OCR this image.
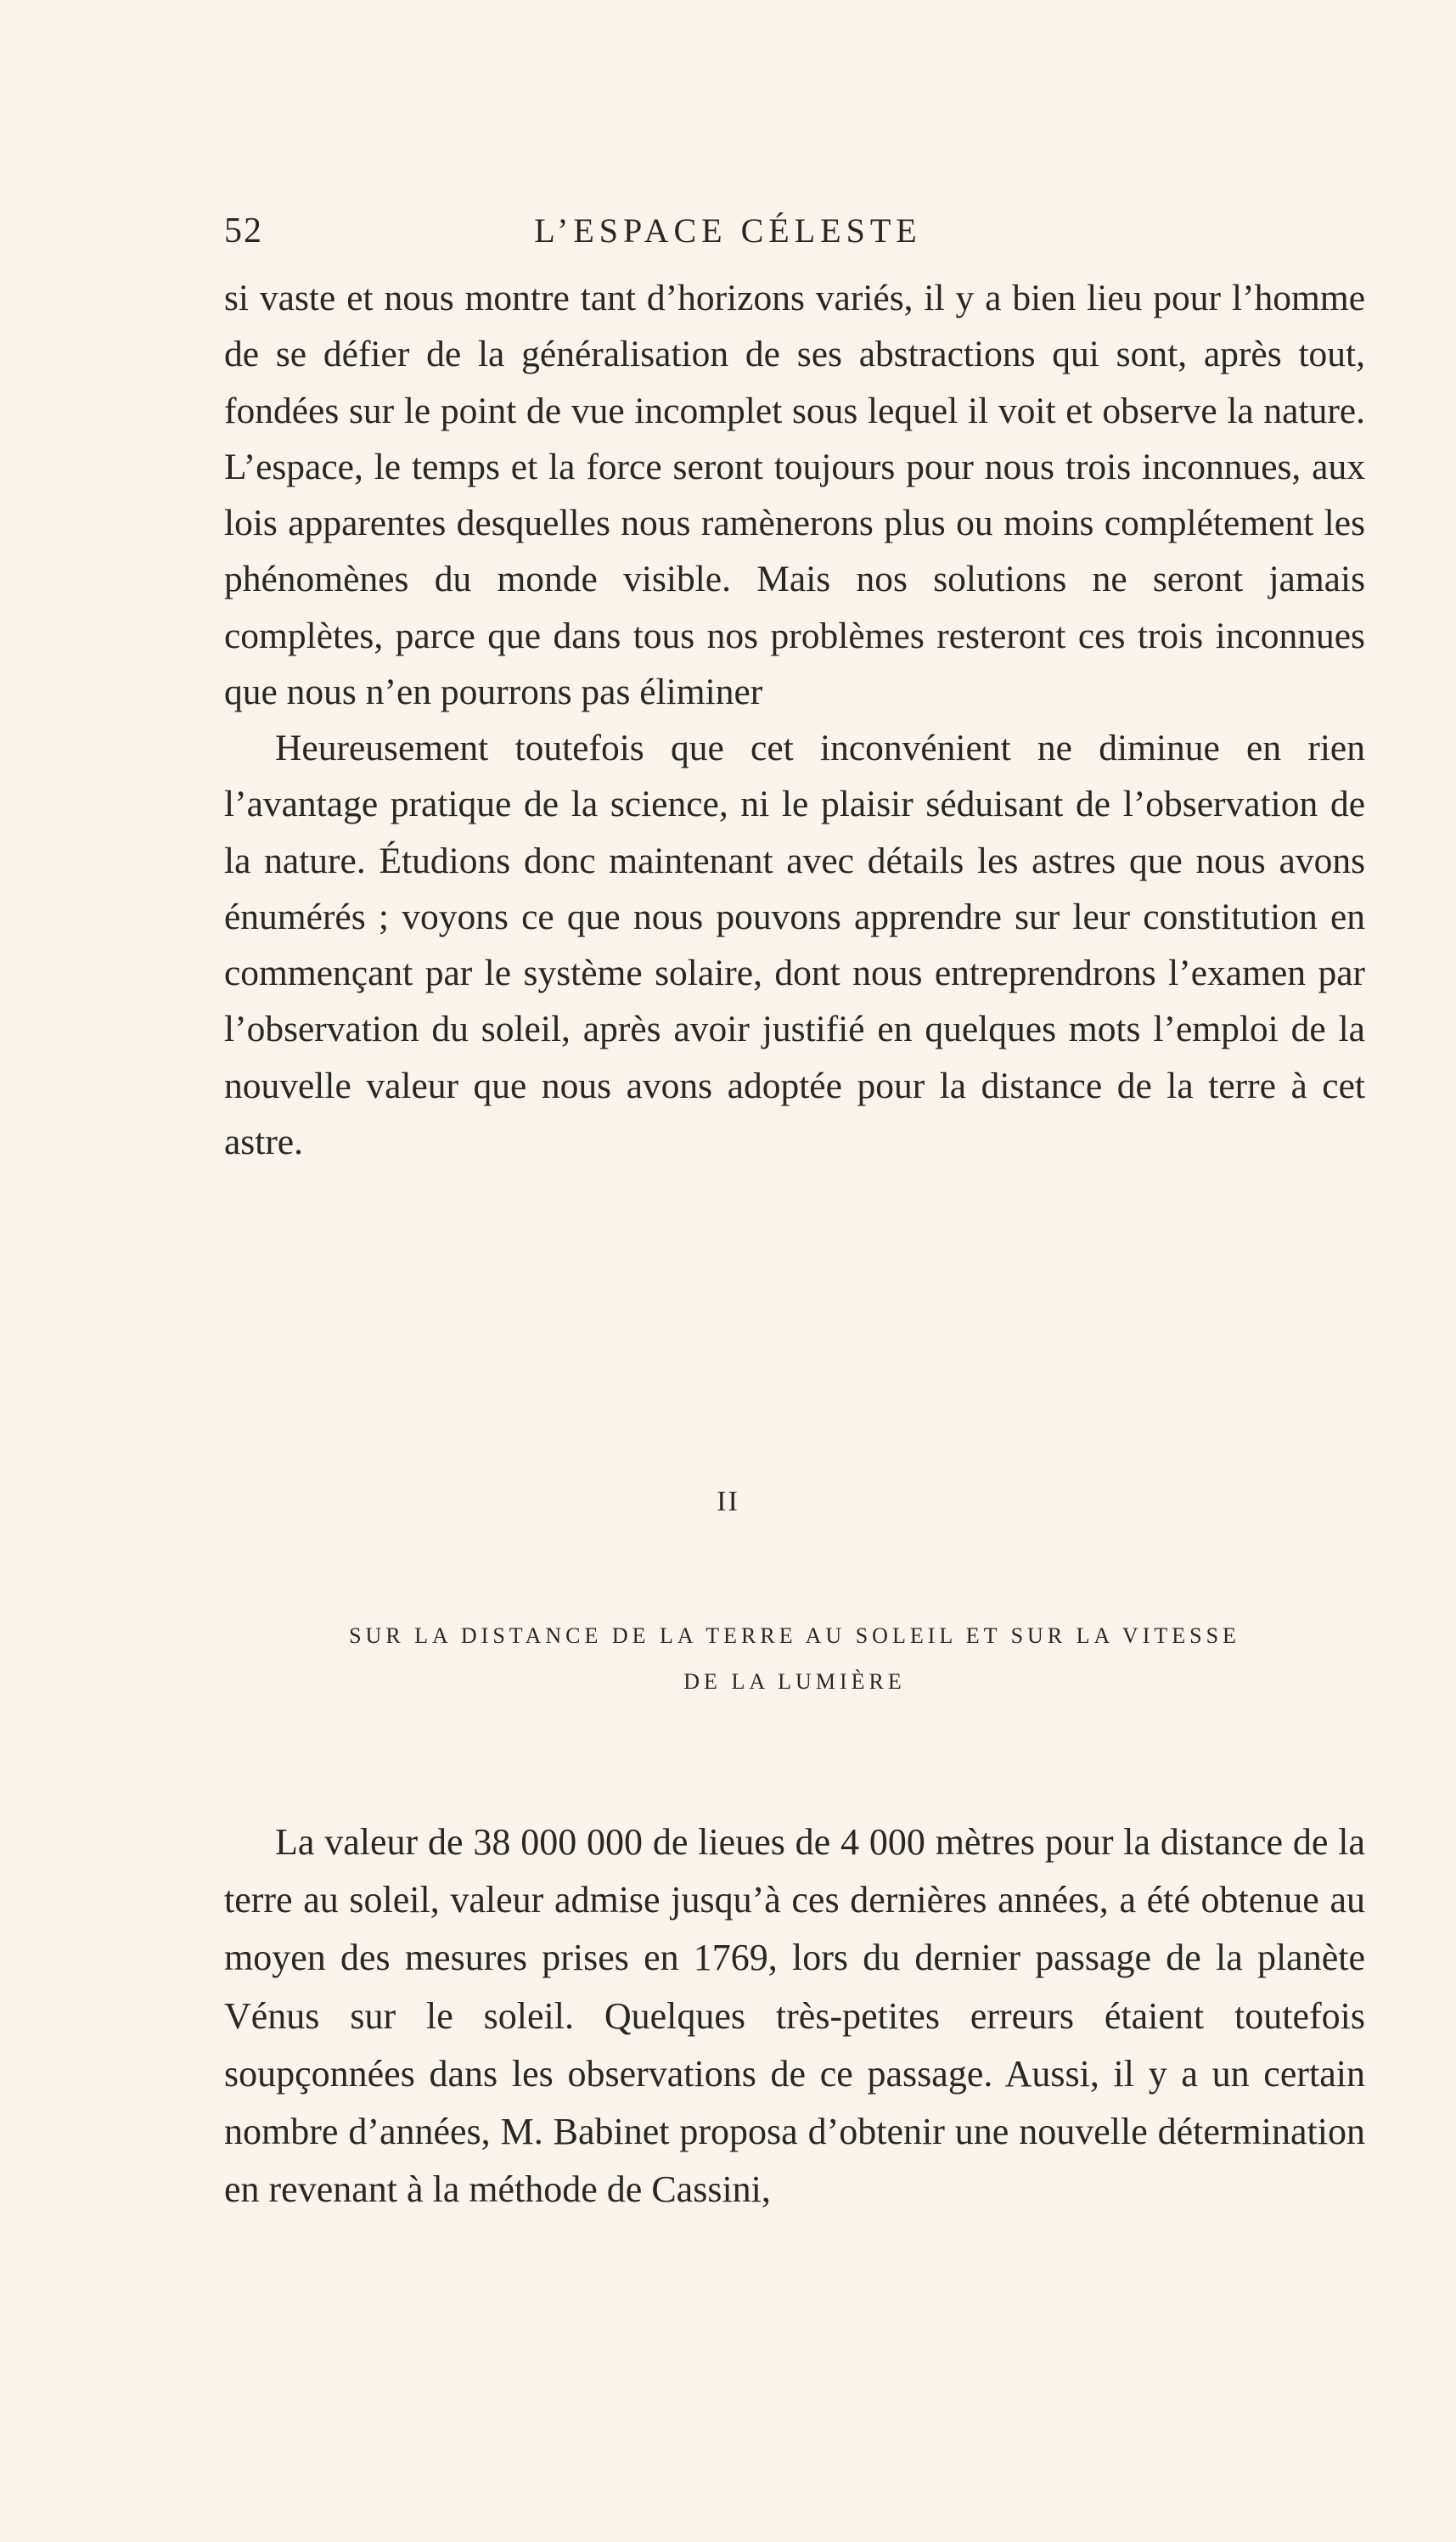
52	L’ESPACE CÉLESTE

si vaste et nous montre tant d’horizons variés, il y a bien lieu pour l’homme de se défier de la généralisation de ses abstractions qui sont, après tout, fondées sur le point de vue incomplet sous lequel il voit et observe la nature. L’espace, le temps et la force seront toujours pour nous trois inconnues, aux lois apparentes desquelles nous ramènerons plus ou moins complétement les phénomènes du monde visible. Mais nos solutions ne seront jamais complètes, parce que dans tous nos problèmes resteront ces trois inconnues que nous n’en pourrons pas éliminer

Heureusement toutefois que cet inconvénient ne diminue en rien l’avantage pratique de la science, ni le plaisir séduisant de l’observation de la nature. Étudions donc maintenant avec détails les astres que nous avons énumérés ; voyons ce que nous pouvons apprendre sur leur constitution en commençant par le système solaire, dont nous entreprendrons l’examen par l’observation du soleil, après avoir justifié en quelques mots l’emploi de la nouvelle valeur que nous avons adoptée pour la distance de la terre à cet astre.

II
SUR LA DISTANCE DE LA TERRE AU SOLEIL ET SUR LA VITESSE
DE LA LUMIÈRE

La valeur de 38 000 000 de lieues de 4 000 mètres pour la distance de la terre au soleil, valeur admise jusqu’à ces dernières années, a été obtenue au moyen des mesures prises en 1769, lors du dernier passage de la planète Vénus sur le soleil. Quelques très-petites erreurs étaient toutefois soupçonnées dans les observations de ce passage. Aussi, il y a un certain nombre d’années, M. Babinet proposa d’obtenir une nouvelle détermination en revenant à la méthode de Cassini,
